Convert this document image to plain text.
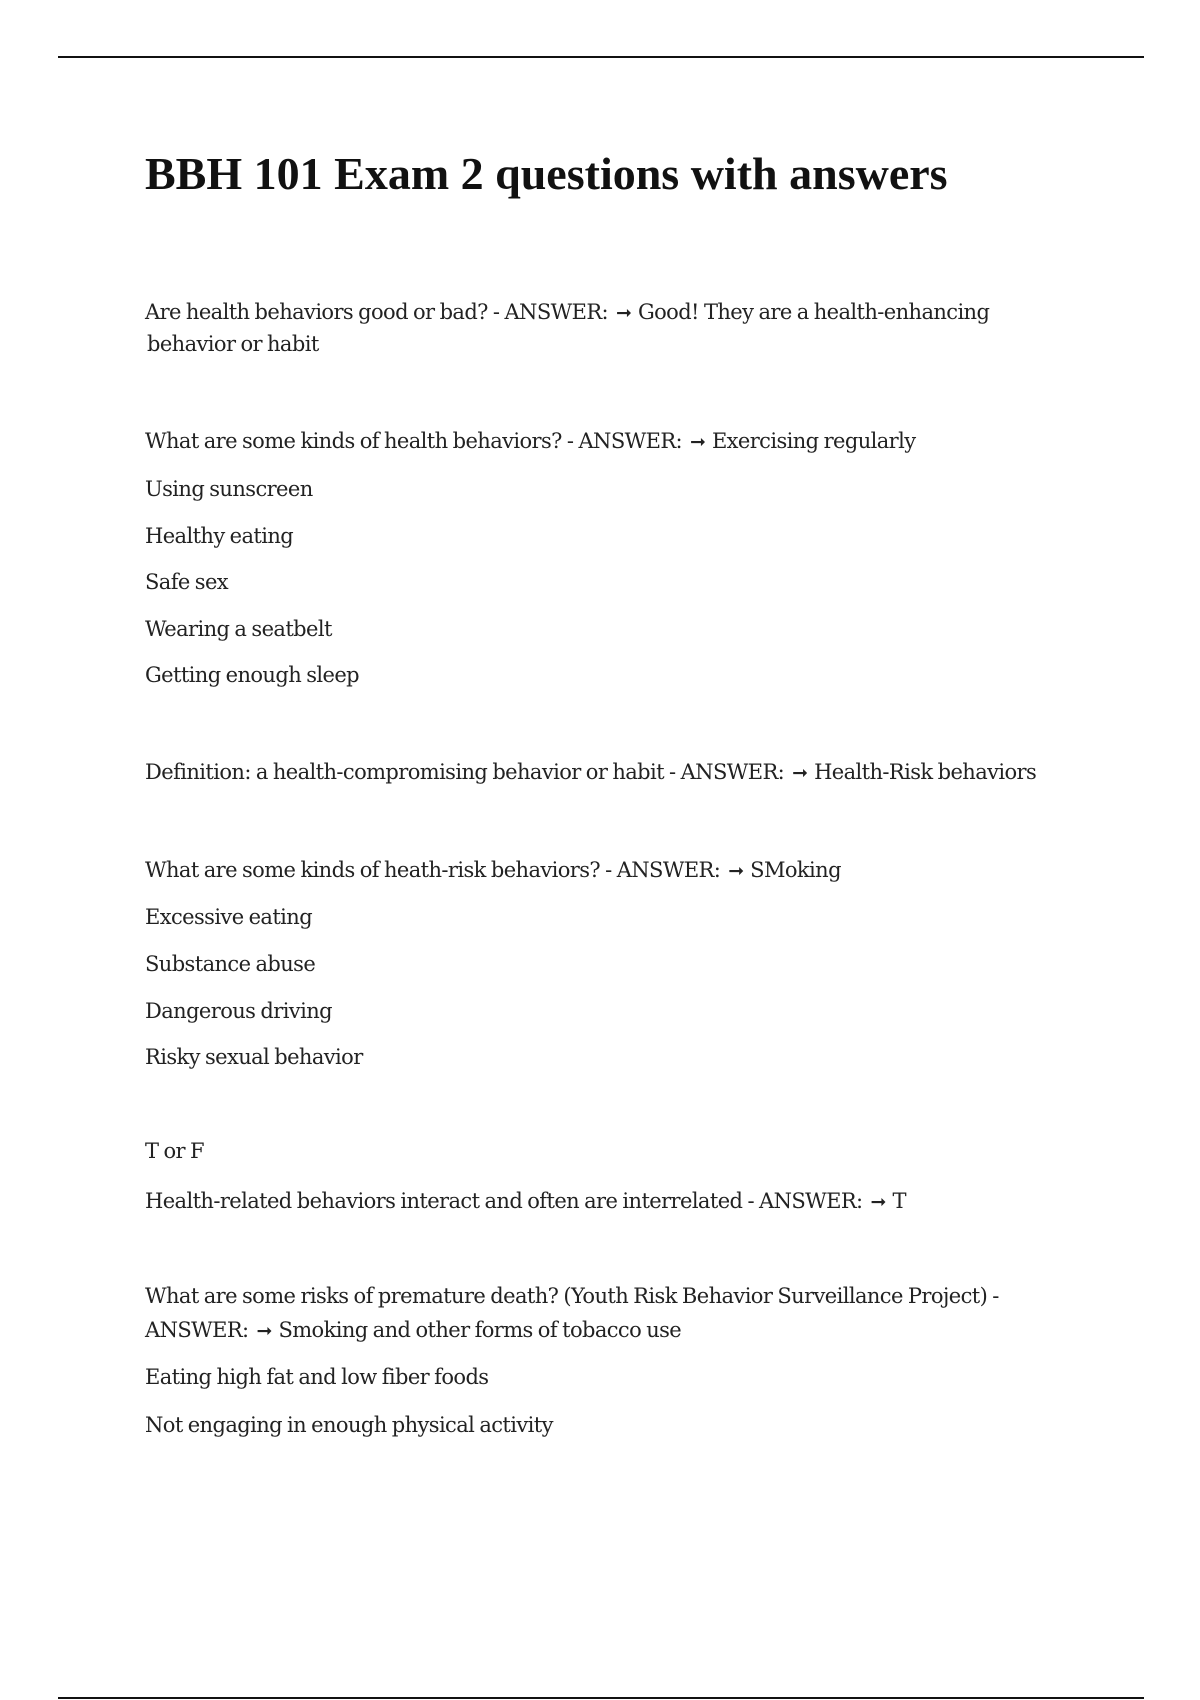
BBH 101 Exam 2 questions with answers

Are health behaviors good or bad? - ANSWER: ➞ Good! They are a health-enhancing

behavior or habit

What are some kinds of health behaviors? - ANSWER: ➞ Exercising regularly

Using sunscreen

Healthy eating

Safe sex

Wearing a seatbelt

Getting enough sleep

Definition: a health-compromising behavior or habit - ANSWER: ➞ Health-Risk behaviors

What are some kinds of heath-risk behaviors? - ANSWER: ➞ SMoking

Excessive eating

Substance abuse

Dangerous driving

Risky sexual behavior

T or F

Health-related behaviors interact and often are interrelated - ANSWER: ➞ T

What are some risks of premature death? (Youth Risk Behavior Surveillance Project) -

ANSWER: ➞ Smoking and other forms of tobacco use

Eating high fat and low fiber foods

Not engaging in enough physical activity
